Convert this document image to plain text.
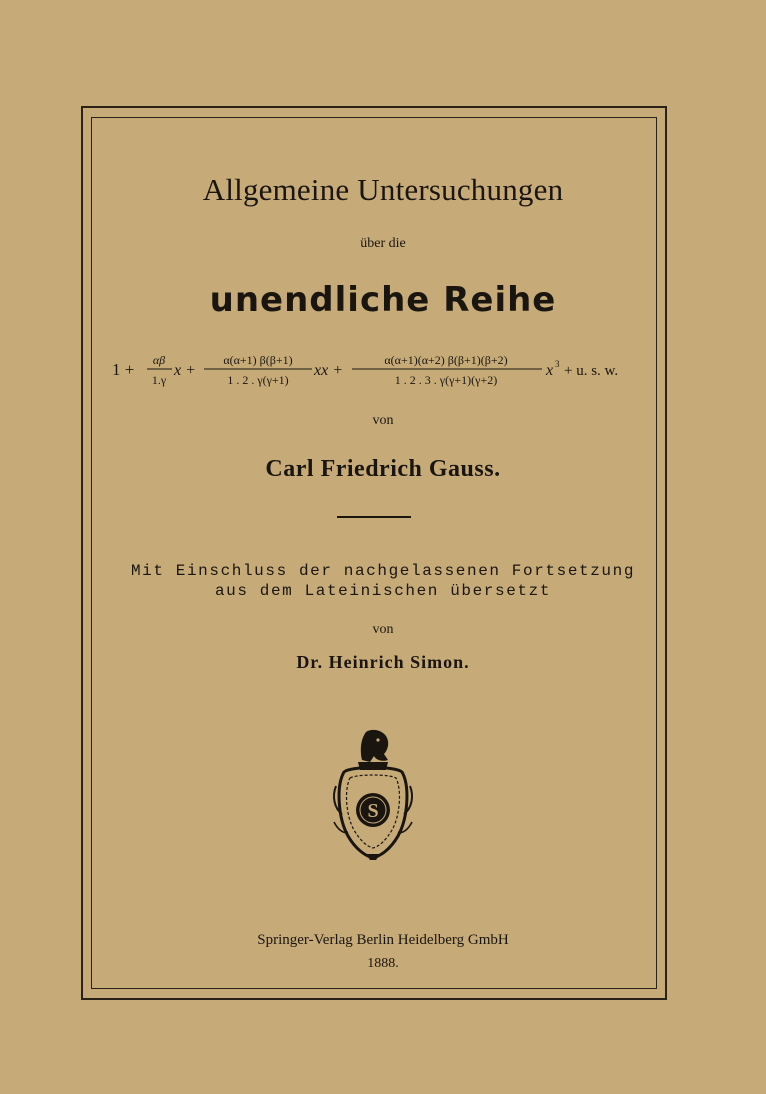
Allgemeine Untersuchungen
über die
unendliche Reihe
1 + αβ
1.γ
x +
α(α+1) β(β+1)
1 . 2 . γ(γ+1)
xx +
α(α+1)(α+2) β(β+1)(β+2)
1 . 2 . 3 . γ(γ+1)(γ+2)
x 3 + u. s. w.
von
Carl Friedrich Gauss.
Mit Einschluss der nachgelassenen Fortsetzung
aus dem Lateinischen übersetzt
von
Dr. Heinrich Simon.
S
Springer-Verlag Berlin Heidelberg GmbH
1888.
